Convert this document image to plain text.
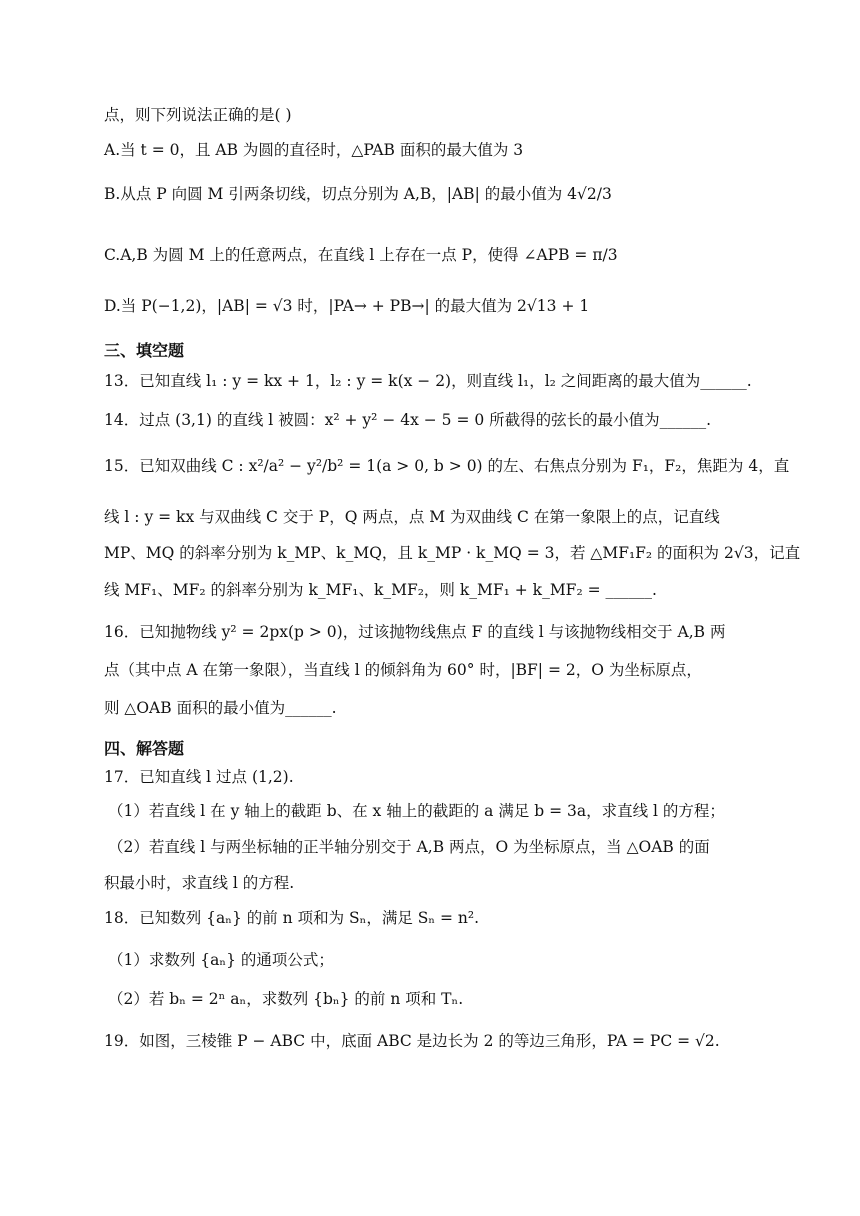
点，则下列说法正确的是( )
A.当 t = 0，且 AB 为圆的直径时，△PAB 面积的最大值为 3
B.从点 P 向圆 M 引两条切线，切点分别为 A,B，|AB| 的最小值为 4√2/3
C.A,B 为圆 M 上的任意两点，在直线 l 上存在一点 P，使得 ∠APB = π/3
D.当 P(−1,2)，|AB| = √3 时，|PA→ + PB→| 的最大值为 2√13 + 1
三、填空题
13．已知直线 l₁ : y = kx + 1，l₂ : y = k(x − 2)，则直线 l₁，l₂ 之间距离的最大值为______.
14．过点 (3,1) 的直线 l 被圆：x² + y² − 4x − 5 = 0 所截得的弦长的最小值为______.
15．已知双曲线 C : x²/a² − y²/b² = 1(a > 0, b > 0) 的左、右焦点分别为 F₁，F₂，焦距为 4，直
线 l : y = kx 与双曲线 C 交于 P，Q 两点，点 M 为双曲线 C 在第一象限上的点，记直线
MP、MQ 的斜率分别为 k_MP、k_MQ，且 k_MP · k_MQ = 3，若 △MF₁F₂ 的面积为 2√3，记直
线 MF₁、MF₂ 的斜率分别为 k_MF₁、k_MF₂，则 k_MF₁ + k_MF₂ = ______.
16．已知抛物线 y² = 2px(p > 0)，过该抛物线焦点 F 的直线 l 与该抛物线相交于 A,B 两
点（其中点 A 在第一象限），当直线 l 的倾斜角为 60° 时，|BF| = 2，O 为坐标原点，
则 △OAB 面积的最小值为______.
四、解答题
17．已知直线 l 过点 (1,2).
（1）若直线 l 在 y 轴上的截距 b、在 x 轴上的截距的 a 满足 b = 3a，求直线 l 的方程；
（2）若直线 l 与两坐标轴的正半轴分别交于 A,B 两点，O 为坐标原点，当 △OAB 的面
积最小时，求直线 l 的方程.
18．已知数列 {aₙ} 的前 n 项和为 Sₙ，满足 Sₙ = n².
（1）求数列 {aₙ} 的通项公式；
（2）若 bₙ = 2ⁿ aₙ，求数列 {bₙ} 的前 n 项和 Tₙ.
19．如图，三棱锥 P − ABC 中，底面 ABC 是边长为 2 的等边三角形，PA = PC = √2.
